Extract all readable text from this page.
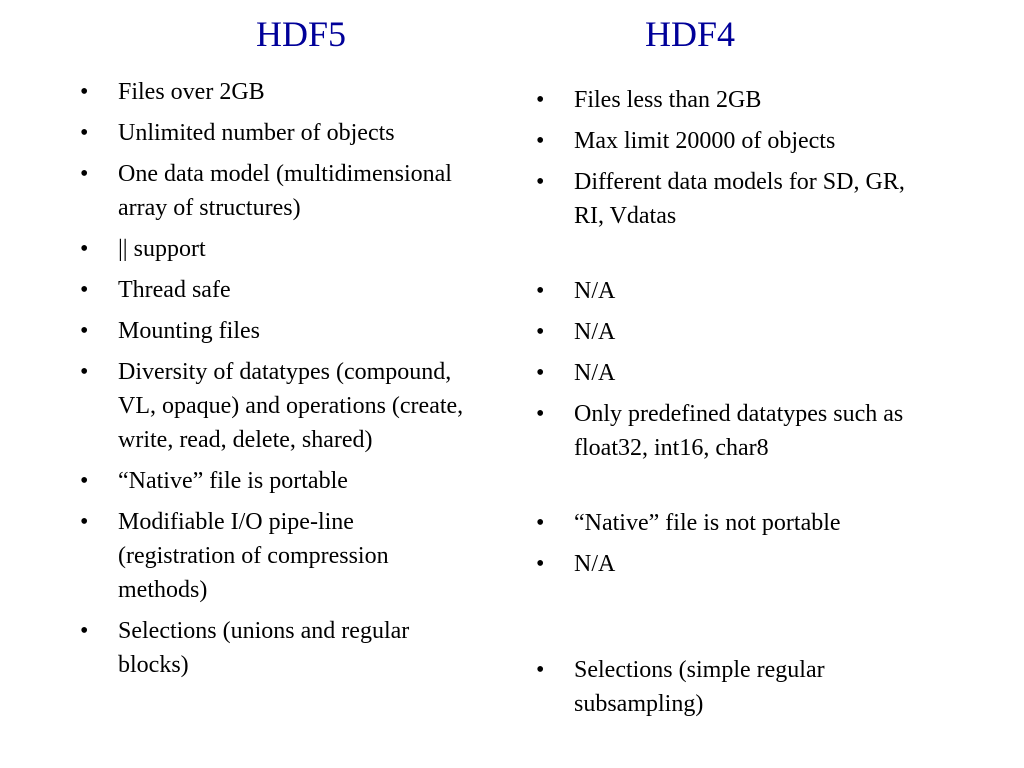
HDF5	HDF4
• Files over 2GB
• Unlimited number of objects
• One data model (multidimensional array of structures)
• || support
• Thread safe
• Mounting files
• Diversity of datatypes (compound, VL, opaque) and operations (create, write, read, delete, shared)
• “Native” file is portable
• Modifiable I/O pipe-line (registration of compression methods)
• Selections (unions and regular blocks)
• Files less than 2GB
• Max limit 20000 of objects
• Different data models for SD, GR, RI, Vdatas
• N/A
• N/A
• N/A
• Only predefined datatypes such as float32, int16, char8
• “Native” file is not portable
• N/A
• Selections (simple regular subsampling)
